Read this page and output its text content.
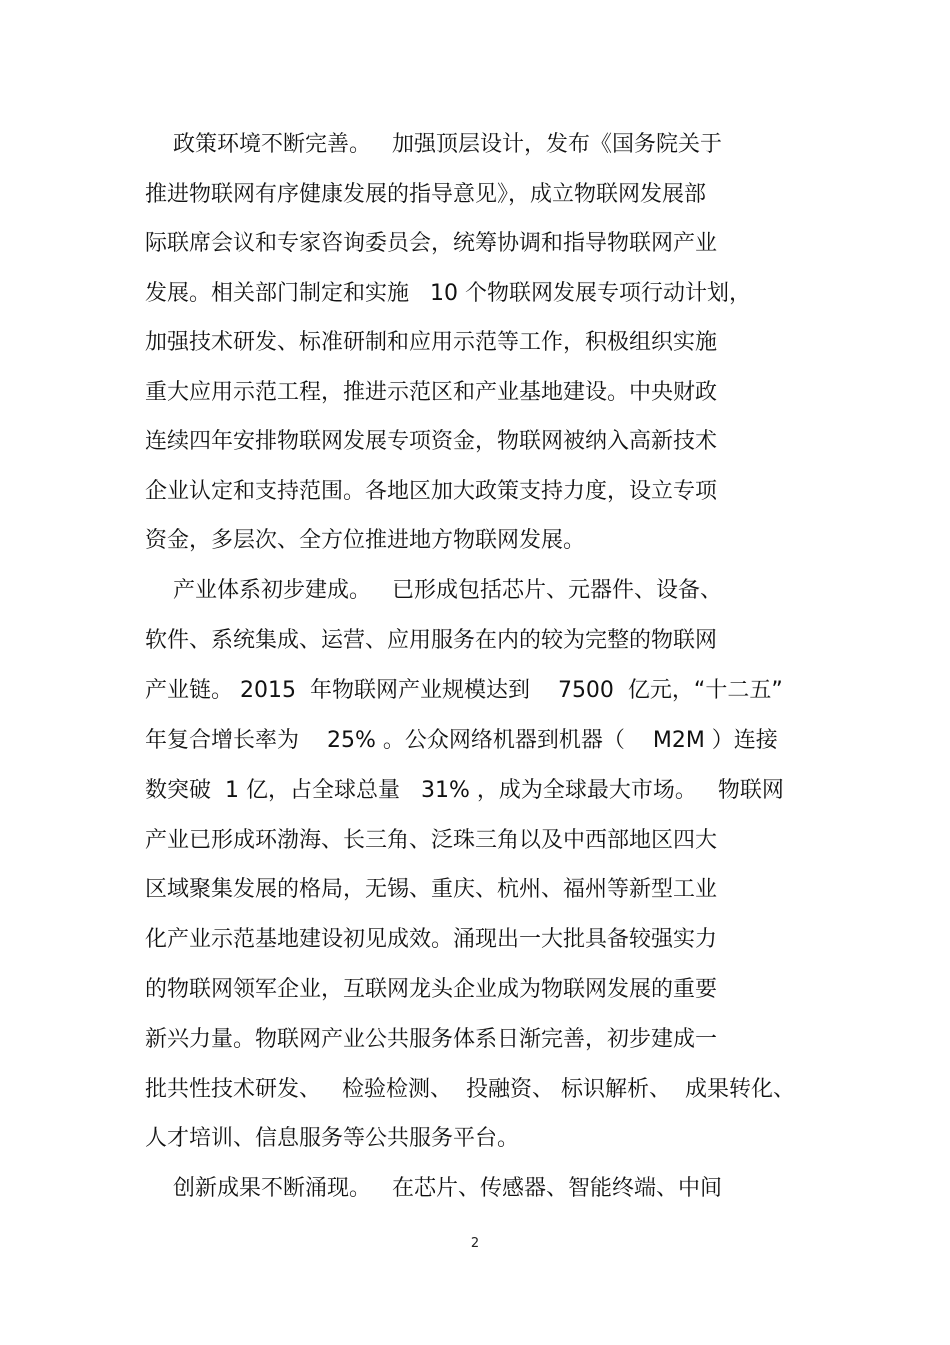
政策环境不断完善。   加强顶层设计，发布《国务院关于
推进物联网有序健康发展的指导意见》，成立物联网发展部
际联席会议和专家咨询委员会，统筹协调和指导物联网产业
发展。相关部门制定和实施   10 个物联网发展专项行动计划，
加强技术研发、标准研制和应用示范等工作，积极组织实施
重大应用示范工程，推进示范区和产业基地建设。中央财政
连续四年安排物联网发展专项资金，物联网被纳入高新技术
企业认定和支持范围。各地区加大政策支持力度，设立专项
资金，多层次、全方位推进地方物联网发展。
产业体系初步建成。   已形成包括芯片、元器件、设备、
软件、系统集成、运营、应用服务在内的较为完整的物联网
产业链。 2015  年物联网产业规模达到    7500  亿元，“十二五”
年复合增长率为    25% 。公众网络机器到机器（    M2M ）连接
数突破  1 亿，占全球总量   31% ，成为全球最大市场。   物联网
产业已形成环渤海、长三角、泛珠三角以及中西部地区四大
区域聚集发展的格局，无锡、重庆、杭州、福州等新型工业
化产业示范基地建设初见成效。涌现出一大批具备较强实力
的物联网领军企业，互联网龙头企业成为物联网发展的重要
新兴力量。物联网产业公共服务体系日渐完善，初步建成一
批共性技术研发、   检验检测、  投融资、 标识解析、  成果转化、
人才培训、信息服务等公共服务平台。
创新成果不断涌现。   在芯片、传感器、智能终端、中间
2
